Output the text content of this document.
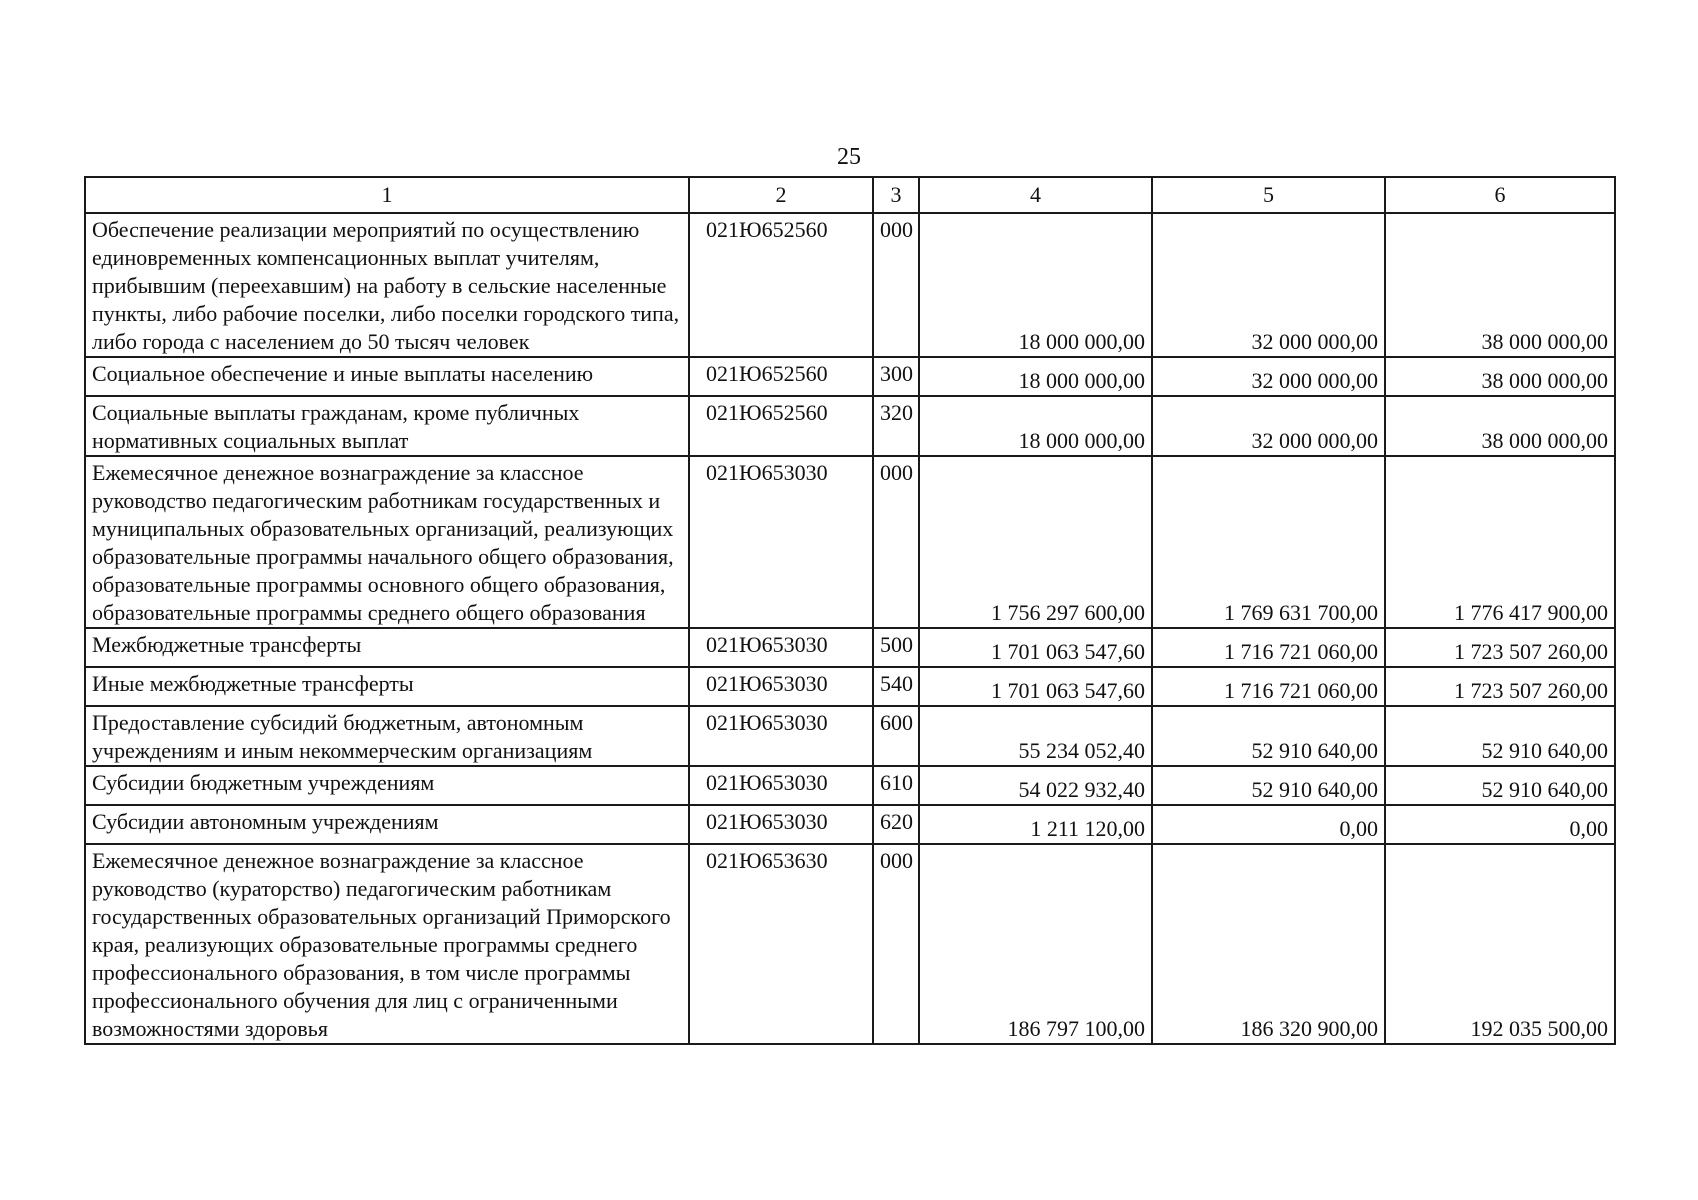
25
1	2	3	4	5	6
Обеспечение реализации мероприятий по осуществлению единовременных компенсационных выплат учителям, прибывшим (переехавшим) на работу в сельские населенные пункты, либо рабочие поселки, либо поселки городского типа, либо города с населением до 50 тысяч человек	021Ю652560	000	18 000 000,00	32 000 000,00	38 000 000,00
Социальное обеспечение и иные выплаты населению	021Ю652560	300	18 000 000,00	32 000 000,00	38 000 000,00
Социальные выплаты гражданам, кроме публичных нормативных социальных выплат	021Ю652560	320	18 000 000,00	32 000 000,00	38 000 000,00
Ежемесячное денежное вознаграждение за классное руководство педагогическим работникам государственных и муниципальных образовательных организаций, реализующих образовательные программы начального общего образования, образовательные программы основного общего образования, образовательные программы среднего общего образования	021Ю653030	000	1 756 297 600,00	1 769 631 700,00	1 776 417 900,00
Межбюджетные трансферты	021Ю653030	500	1 701 063 547,60	1 716 721 060,00	1 723 507 260,00
Иные межбюджетные трансферты	021Ю653030	540	1 701 063 547,60	1 716 721 060,00	1 723 507 260,00
Предоставление субсидий бюджетным, автономным учреждениям и иным некоммерческим организациям	021Ю653030	600	55 234 052,40	52 910 640,00	52 910 640,00
Субсидии бюджетным учреждениям	021Ю653030	610	54 022 932,40	52 910 640,00	52 910 640,00
Субсидии автономным учреждениям	021Ю653030	620	1 211 120,00	0,00	0,00
Ежемесячное денежное вознаграждение за классное руководство (кураторство) педагогическим работникам государственных образовательных организаций Приморского края, реализующих образовательные программы среднего профессионального образования, в том числе программы профессионального обучения для лиц с ограниченными возможностями здоровья	021Ю653630	000	186 797 100,00	186 320 900,00	192 035 500,00
